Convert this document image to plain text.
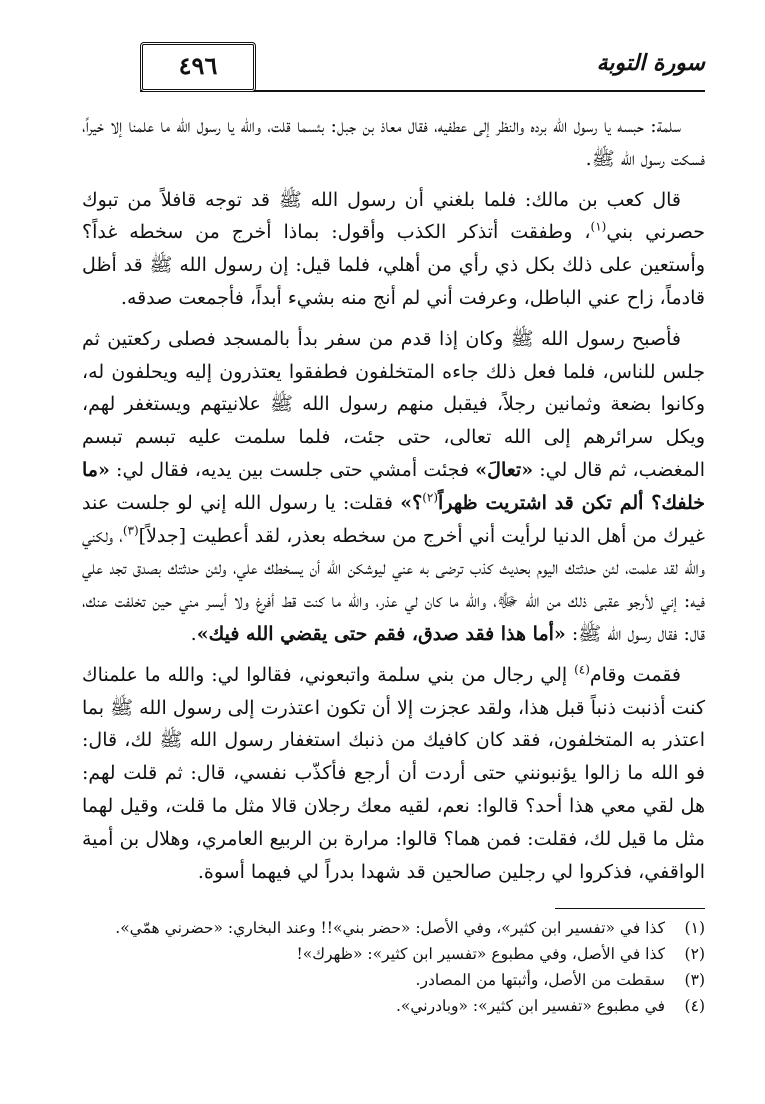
٤٩٦	سورة التوبة

سلمة: حبسه يا رسول الله برده والنظر إلى عطفيه، فقال معاذ بن جبل: بئسما قلت، والله يا رسول الله ما علمنا إلا خيراً، فسكت رسول الله ﷺ.

قال كعب بن مالك: فلما بلغني أن رسول الله ﷺ قد توجه قافلاً من تبوك حصرني بني$^{(١)}$، وطفقت أتذكر الكذب وأقول: بماذا أخرج من سخطه غداً؟ وأستعين على ذلك بكل ذي رأي من أهلي، فلما قيل: إن رسول الله ﷺ قد أظل قادماً، زاح عني الباطل، وعرفت أني لم أنج منه بشيء أبداً، فأجمعت صدقه.

فأصبح رسول الله ﷺ وكان إذا قدم من سفر بدأ بالمسجد فصلى ركعتين ثم جلس للناس، فلما فعل ذلك جاءه المتخلفون فطفقوا يعتذرون إليه ويحلفون له، وكانوا بضعة وثمانين رجلاً، فيقبل منهم رسول الله ﷺ علانيتهم ويستغفر لهم، ويكل سرائرهم إلى الله تعالى، حتى جئت، فلما سلمت عليه تبسم تبسم المغضب، ثم قال لي: «تعالَ» فجئت أمشي حتى جلست بين يديه، فقال لي: «ما خلفك؟ ألم تكن قد اشتريت ظهراً$^{(٢)}$؟» فقلت: يا رسول الله إني لو جلست عند غيرك من أهل الدنيا لرأيت أني أخرج من سخطه بعذر، لقد أعطيت [جدلاً]$^{(٣)}$، ولكني والله لقد علمت، لئن حدثتك اليوم بحديث كذب ترضى به عني ليوشكن الله أن يسخطك علي، ولئن حدثتك بصدق تجد علي فيه: إني لأرجو عقبى ذلك من الله ﷻ، والله ما كان لي عذر، والله ما كنت قط أفرغ ولا أيسر مني حين تخلفت عنك، قال: فقال رسول الله ﷺ: «أما هذا فقد صدق، فقم حتى يقضي الله فيك».

فقمت وقام$^{(٤)}$ إلي رجال من بني سلمة واتبعوني، فقالوا لي: والله ما علمناك كنت أذنبت ذنباً قبل هذا، ولقد عجزت إلا أن تكون اعتذرت إلى رسول الله ﷺ بما اعتذر به المتخلفون، فقد كان كافيك من ذنبك استغفار رسول الله ﷺ لك، قال: فو الله ما زالوا يؤنبونني حتى أردت أن أرجع فأكذّب نفسي، قال: ثم قلت لهم: هل لقي معي هذا أحد؟ قالوا: نعم، لقيه معك رجلان قالا مثل ما قلت، وقيل لهما مثل ما قيل لك، فقلت: فمن هما؟ قالوا: مرارة بن الربيع العامري، وهلال بن أمية الواقفي، فذكروا لي رجلين صالحين قد شهدا بدراً لي فيهما أسوة.

(١)
كذا في «تفسير ابن كثير»، وفي الأصل: «حضر بني»!! وعند البخاري: «حضرني همّي».
(٢)
كذا في الأصل، وفي مطبوع «تفسير ابن كثير»: «ظهرك»!
(٣)
سقطت من الأصل، وأثبتها من المصادر.
(٤)
في مطبوع «تفسير ابن كثير»: «وبادرني».
